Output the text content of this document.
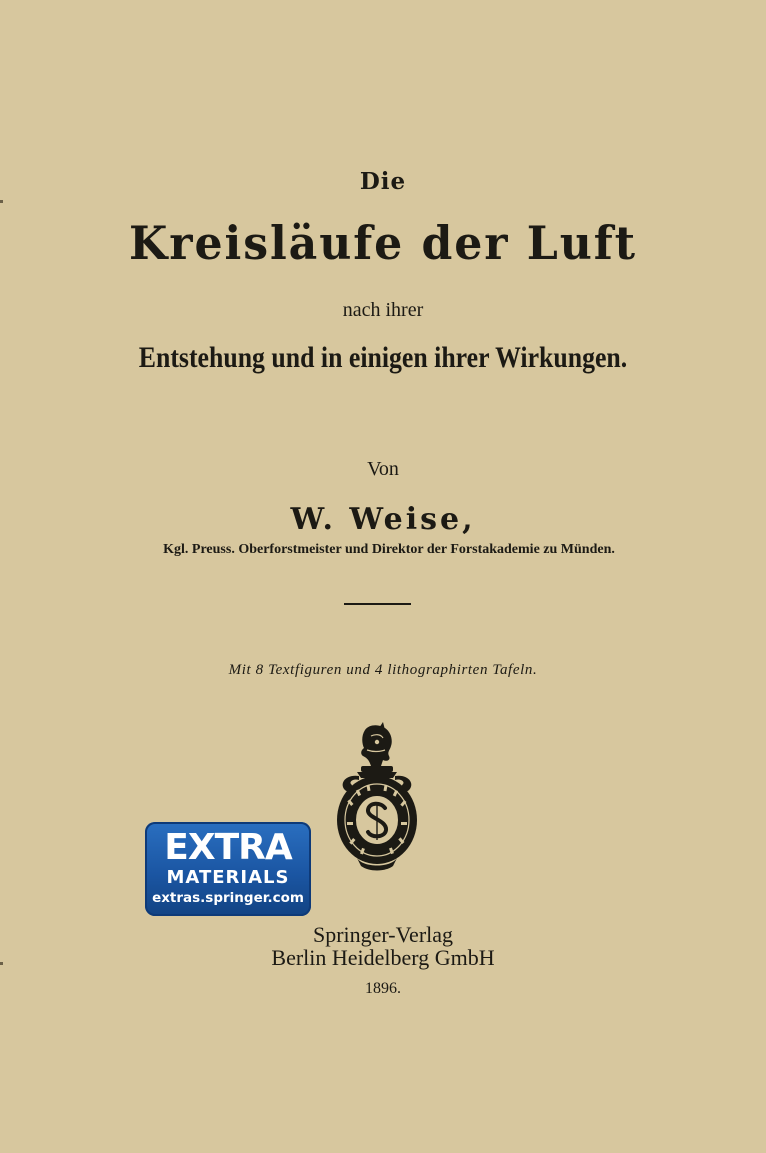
Die
Kreisläufe der Luft
nach ihrer
Entstehung und in einigen ihrer Wirkungen.
Von
W. Weise,
Kgl. Preuss. Oberforstmeister und Direktor der Forstakademie zu Münden.
Mit 8 Textfiguren und 4 lithographirten Tafeln.
EXTRA
MATERIALS
extras.springer.com
Springer-Verlag
Berlin Heidelberg GmbH
1896.
